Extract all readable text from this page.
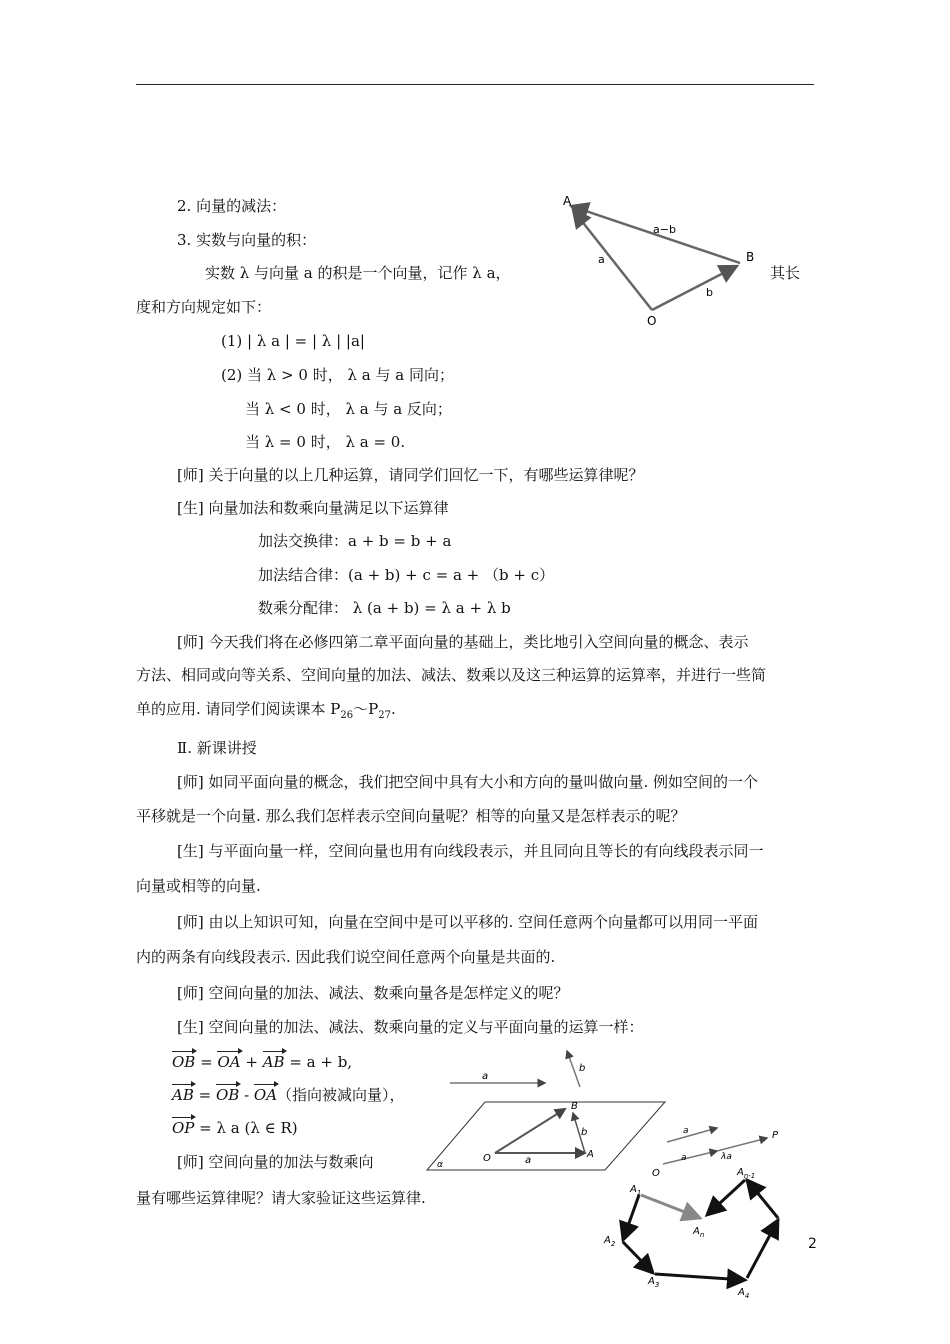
2. 向量的减法：
3. 实数与向量的积：
实数 λ 与向量 a 的积是一个向量，记作 λ a，	其长
度和方向规定如下：
(1) | λ a | = | λ | |a|
(2) 当 λ > 0 时， λ a 与 a 同向；
当 λ < 0 时， λ a 与 a 反向；
当 λ = 0 时， λ a = 0.
[师] 关于向量的以上几种运算，请同学们回忆一下，有哪些运算律呢？
[生] 向量加法和数乘向量满足以下运算律
加法交换律：a + b = b + a
加法结合律：(a + b) + c = a + （b + c）
数乘分配律： λ (a + b) = λ a + λ b
[师] 今天我们将在必修四第二章平面向量的基础上，类比地引入空间向量的概念、表示
方法、相同或向等关系、空间向量的加法、减法、数乘以及这三种运算的运算率，并进行一些简
单的应用. 请同学们阅读课本 $P_{26}\sim P_{27}$.
Ⅱ. 新课讲授
[师] 如同平面向量的概念，我们把空间中具有大小和方向的量叫做向量. 例如空间的一个
平移就是一个向量. 那么我们怎样表示空间向量呢？相等的向量又是怎样表示的呢？
[生] 与平面向量一样，空间向量也用有向线段表示，并且同向且等长的有向线段表示同一
向量或相等的向量.
[师] 由以上知识可知，向量在空间中是可以平移的. 空间任意两个向量都可以用同一平面
内的两条有向线段表示. 因此我们说空间任意两个向量是共面的.
[师] 空间向量的加法、减法、数乘向量各是怎样定义的呢？
[生] 空间向量的加法、减法、数乘向量的定义与平面向量的运算一样：
OB = OA + AB = a + b,
AB = OB - OA（指向被减向量），
OP = λ a (λ ∈ R)
[师] 空间向量的加法与数乘向
量有哪些运算律呢？请大家验证这些运算律.
2
A
B
O
a
b
a−b
a
b
α
O	a
A
B
b	a
a	λa
O
P
$A_1$
$A_2$
$A_3$
$A_4$
$A_n$
$A_{n-1}$
